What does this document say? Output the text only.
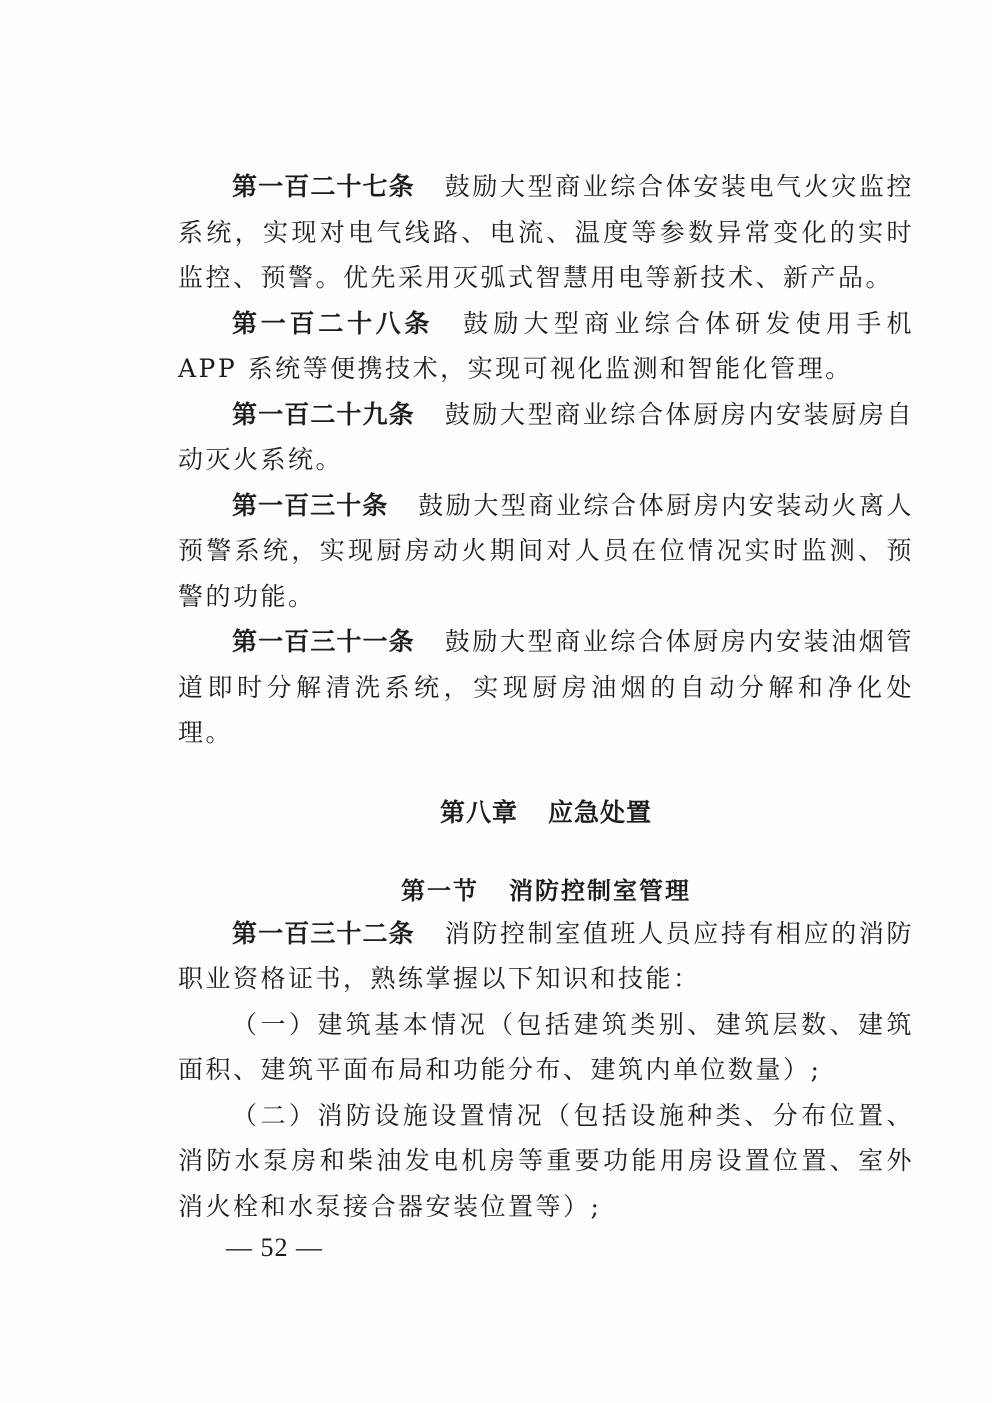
第一百二十七条 鼓励大型商业综合体安装电气火灾监控系统，实现对电气线路、电流、温度等参数异常变化的实时监控、预警。优先采用灭弧式智慧用电等新技术、新产品。

第一百二十八条 鼓励大型商业综合体研发使用手机 APP 系统等便携技术，实现可视化监测和智能化管理。

第一百二十九条 鼓励大型商业综合体厨房内安装厨房自动灭火系统。

第一百三十条 鼓励大型商业综合体厨房内安装动火离人预警系统，实现厨房动火期间对人员在位情况实时监测、预警的功能。

第一百三十一条 鼓励大型商业综合体厨房内安装油烟管道即时分解清洗系统，实现厨房油烟的自动分解和净化处理。

第八章 应急处置
第一节 消防控制室管理

第一百三十二条 消防控制室值班人员应持有相应的消防职业资格证书，熟练掌握以下知识和技能：

（一）建筑基本情况（包括建筑类别、建筑层数、建筑面积、建筑平面布局和功能分布、建筑内单位数量）;

（二）消防设施设置情况（包括设施种类、分布位置、消防水泵房和柴油发电机房等重要功能用房设置位置、室外消火栓和水泵接合器安装位置等）;

— 52 —
